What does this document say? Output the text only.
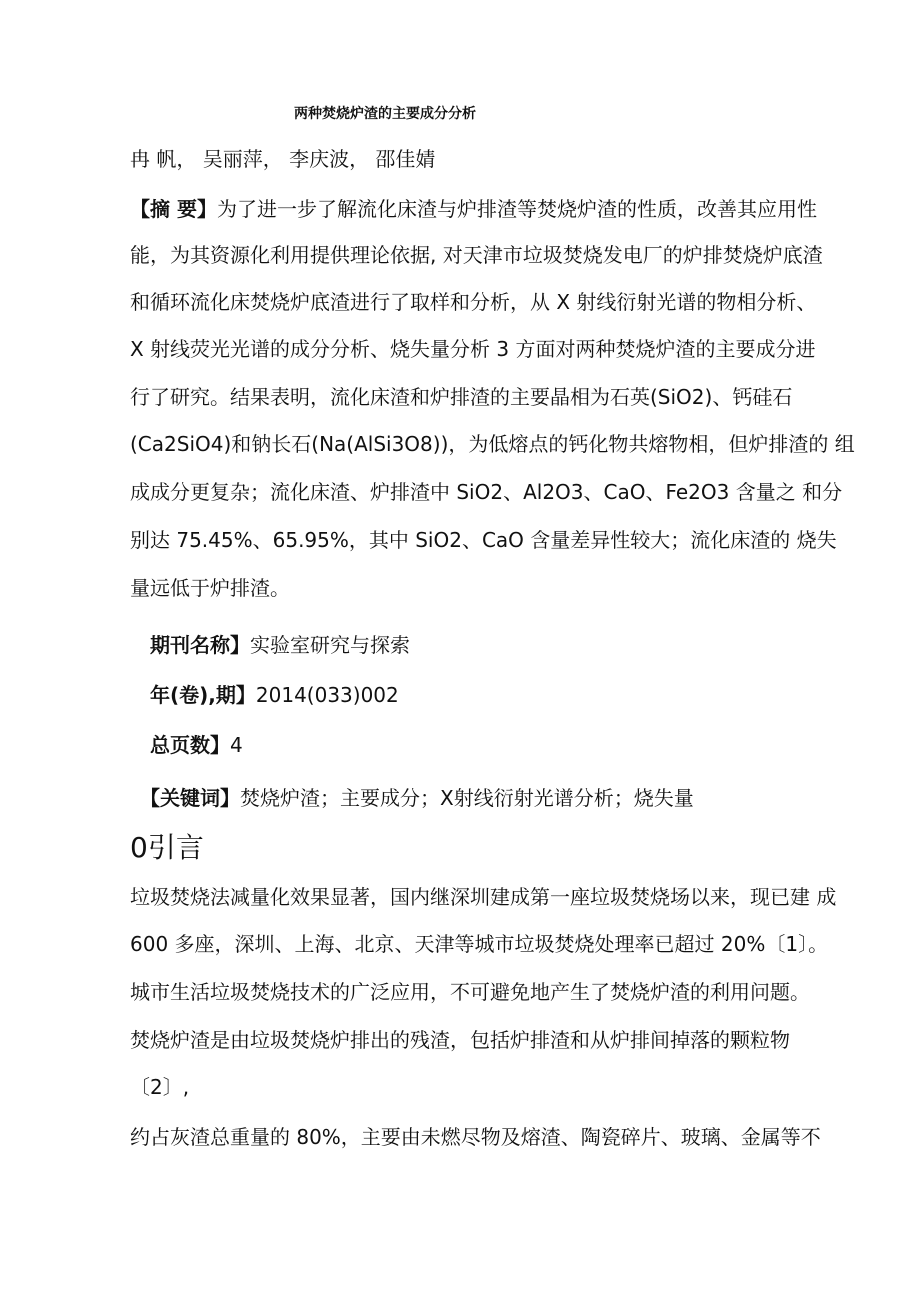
两种焚烧炉渣的主要成分分析
冉 帆， 吴丽萍， 李庆波， 邵佳婧
【摘 要】为了进一步了解流化床渣与炉排渣等焚烧炉渣的性质，改善其应用性
能，为其资源化利用提供理论依据, 对天津市垃圾焚烧发电厂的炉排焚烧炉底渣
和循环流化床焚烧炉底渣进行了取样和分析，从 X 射线衍射光谱的物相分析、
X 射线荧光光谱的成分分析、烧失量分析 3 方面对两种焚烧炉渣的主要成分进
行了研究。结果表明，流化床渣和炉排渣的主要晶相为石英(SiO2)、钙硅石
(Ca2SiO4)和钠长石(Na(AlSi3O8))，为低熔点的钙化物共熔物相，但炉排渣的 组
成成分更复杂；流化床渣、炉排渣中 SiO2、Al2O3、CaO、Fe2O3 含量之 和分
别达 75.45%、65.95%，其中 SiO2、CaO 含量差异性较大；流化床渣的 烧失
量远低于炉排渣。
期刊名称】实验室研究与探索
年(卷),期】2014(033)002
总页数】4
【关键词】焚烧炉渣；主要成分；X射线衍射光谱分析；烧失量
0引言
垃圾焚烧法减量化效果显著，国内继深圳建成第一座垃圾焚烧场以来，现已建 成
600 多座，深圳、上海、北京、天津等城市垃圾焚烧处理率已超过 20%〔1〕。
城市生活垃圾焚烧技术的广泛应用，不可避免地产生了焚烧炉渣的利用问题。
焚烧炉渣是由垃圾焚烧炉排出的残渣，包括炉排渣和从炉排间掉落的颗粒物
〔2〕,
约占灰渣总重量的 80%，主要由未燃尽物及熔渣、陶瓷碎片、玻璃、金属等不
